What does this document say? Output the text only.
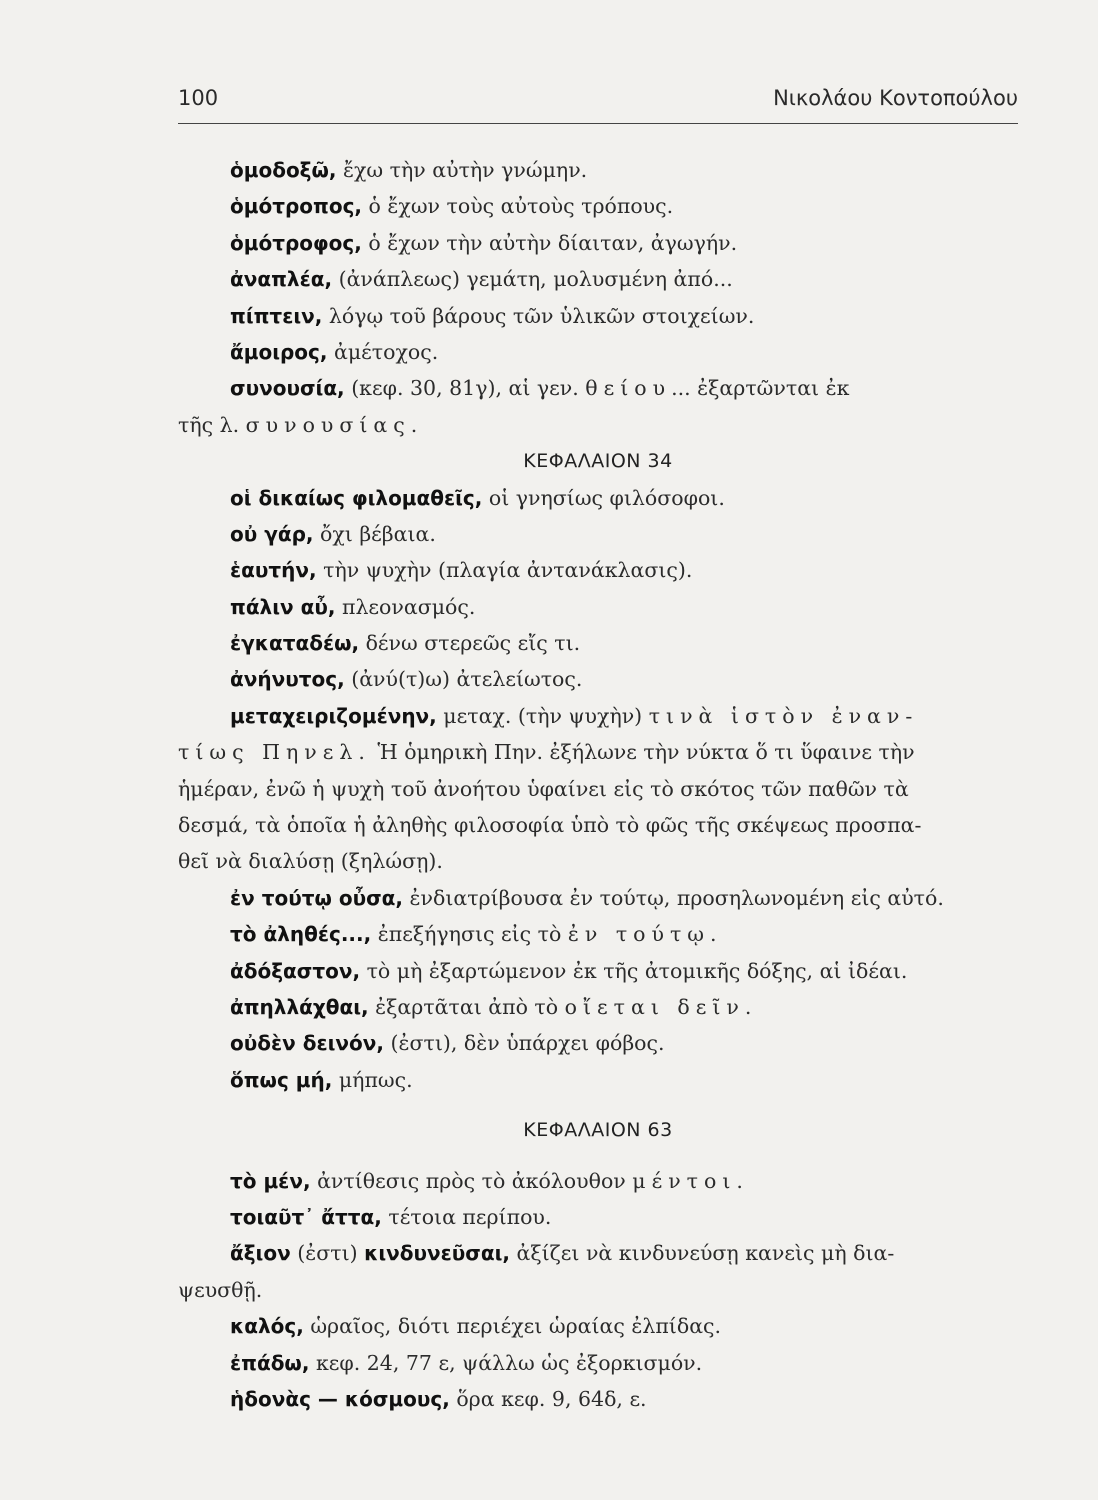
100	Νικολάου Κοντοπούλου
ὁμοδοξῶ, ἔχω τὴν αὐτὴν γνώμην.
ὁμότροπος, ὁ ἔχων τοὺς αὐτοὺς τρόπους.
ὁμότροφος, ὁ ἔχων τὴν αὐτὴν δίαιταν, ἀγωγήν.
ἀναπλέα, (ἀνάπλεως) γεμάτη, μολυσμένη ἀπό...
πίπτειν, λόγῳ τοῦ βάρους τῶν ὑλικῶν στοιχείων.
ἄμοιρος, ἀμέτοχος.
συνουσία, (κεφ. 30, 81γ), αἱ γεν. θείου... ἐξαρτῶνται ἐκ
τῆς λ. συνουσίας.
ΚΕΦΑΛΑΙΟΝ 34
οἱ δικαίως φιλομαθεῖς, οἱ γνησίως φιλόσοφοι.
οὐ γάρ, ὄχι βέβαια.
ἑαυτήν, τὴν ψυχὴν (πλαγία ἀντανάκλασις).
πάλιν αὖ, πλεονασμός.
ἐγκαταδέω, δένω στερεῶς εἴς τι.
ἀνήνυτος, (ἀνύ(τ)ω) ἀτελείωτος.
μεταχειριζομένην, μεταχ. (τὴν ψυχὴν) τινὰ ἱστὸν ἐναν-
τίως Πηνελ. Ἡ ὁμηρικὴ Πην. ἐξήλωνε τὴν νύκτα ὅ τι ὕφαινε τὴν
ἡμέραν, ἐνῶ ἡ ψυχὴ τοῦ ἀνοήτου ὑφαίνει εἰς τὸ σκότος τῶν παθῶν τὰ
δεσμά, τὰ ὁποῖα ἡ ἀληθὴς φιλοσοφία ὑπὸ τὸ φῶς τῆς σκέψεως προσπα-
θεῖ νὰ διαλύσῃ (ξηλώσῃ).
ἐν τούτῳ οὖσα, ἐνδιατρίβουσα ἐν τούτῳ, προσηλωνομένη εἰς αὐτό.
τὸ ἀληθές..., ἐπεξήγησις εἰς τὸ ἐν τούτῳ.
ἀδόξαστον, τὸ μὴ ἐξαρτώμενον ἐκ τῆς ἀτομικῆς δόξης, αἱ ἰδέαι.
ἀπηλλάχθαι, ἐξαρτᾶται ἀπὸ τὸ οἴεται δεῖν.
οὐδὲν δεινόν, (ἐστι), δὲν ὑπάρχει φόβος.
ὅπως μή, μήπως.
ΚΕΦΑΛΑΙΟΝ 63
τὸ μέν, ἀντίθεσις πρὸς τὸ ἀκόλουθον μέντοι.
τοιαῦτ᾽ ἄττα, τέτοια περίπου.
ἄξιον (ἐστι) κινδυνεῦσαι, ἀξίζει νὰ κινδυνεύσῃ κανεὶς μὴ δια-
ψευσθῇ.
καλός, ὡραῖος, διότι περιέχει ὡραίας ἐλπίδας.
ἐπάδω, κεφ. 24, 77 ε, ψάλλω ὡς ἐξορκισμόν.
ἡδονὰς — κόσμους, ὅρα κεφ. 9, 64δ, ε.
